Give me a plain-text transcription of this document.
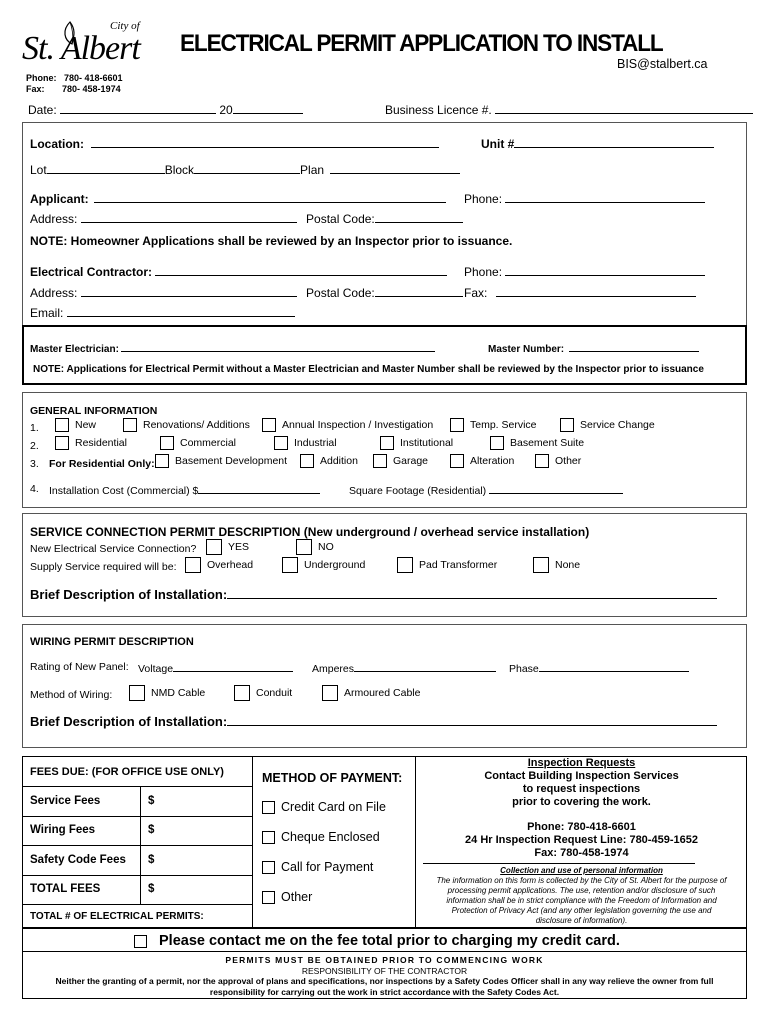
City of
St. Albert ELECTRICAL PERMIT APPLICATION TO INSTALL
BIS@stalbert.ca
Phone: 780- 418-6601
Fax: 780- 458-1974
Date:	20	Business Licence #.
Location:	Unit #
Lot	Block	Plan
Applicant:	Phone:
Address:	Postal Code:
NOTE: Homeowner Applications shall be reviewed by an Inspector prior to issuance.
Electrical Contractor:	Phone:
Address:	Postal Code:	Fax:
Email:
Master Electrician:	Master Number:
NOTE: Applications for Electrical Permit without a Master Electrician and Master Number shall be reviewed by the Inspector prior to issuance
GENERAL INFORMATION
1.	New	Renovations/ Additions	Annual Inspection / Investigation	Temp. Service	Service Change
2.	Residential	Commercial	Industrial	Institutional	Basement Suite
3. For Residential Only: Basement Development	Addition	Garage	Alteration	Other
4. Installation Cost (Commercial) $	Square Footage (Residential)
SERVICE CONNECTION PERMIT DESCRIPTION (New underground / overhead service installation)
New Electrical Service Connection?	YES	NO
Supply Service required will be:	Overhead	Underground	Pad Transformer	None
Brief Description of Installation:
WIRING PERMIT DESCRIPTION
Rating of New Panel: Voltage	Amperes	Phase
Method of Wiring:	NMD Cable	Conduit	Armoured Cable
Brief Description of Installation:
FEES DUE: (FOR OFFICE USE ONLY)
Service Fees	$
Wiring Fees	$
Safety Code Fees $
TOTAL FEES	$
TOTAL # OF ELECTRICAL PERMITS:
METHOD OF PAYMENT:
Credit Card on File
Cheque Enclosed
Call for Payment
Other
Inspection Requests
Contact Building Inspection Services
to request inspections
prior to covering the work.
Phone: 780-418-6601
24 Hr Inspection Request Line: 780-459-1652
Fax: 780-458-1974
Collection and use of personal information
The information on this form is collected by the City of St. Albert for the purpose of
processing permit applications. The use, retention and/or disclosure of such
information shall be in strict compliance with the Freedom of Information and
Protection of Privacy Act (and any other legislation governing the use and
disclosure of information).
Please contact me on the fee total prior to charging my credit card.
PERMITS MUST BE OBTAINED PRIOR TO COMMENCING WORK
RESPONSIBILITY OF THE CONTRACTOR
Neither the granting of a permit, nor the approval of plans and specifications, nor inspections by a Safety Codes Officer shall in any way relieve the owner from full
responsibility for carrying out the work in strict accordance with the Safety Codes Act.
